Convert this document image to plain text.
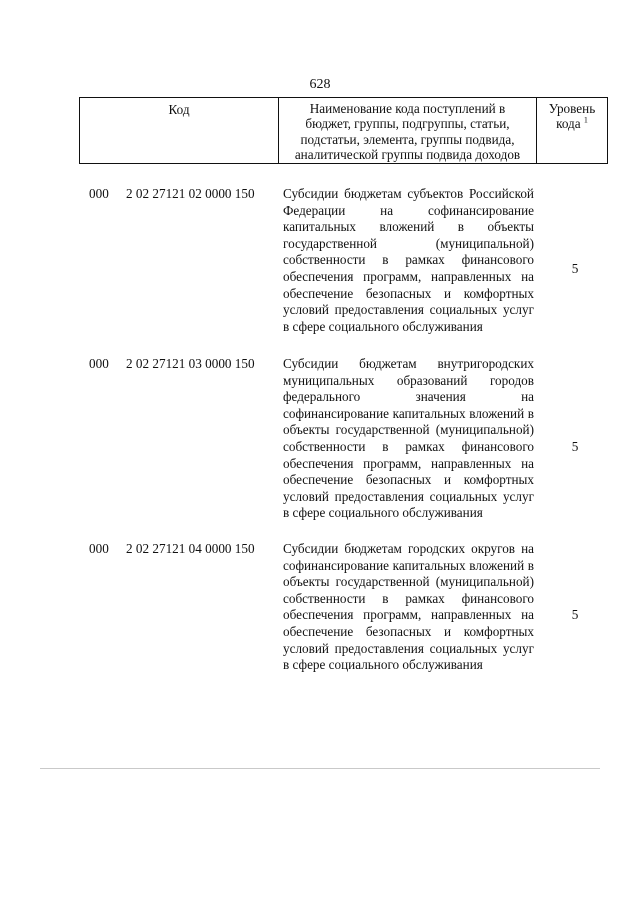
628
Код	Наименование кода поступлений в
бюджет, группы, подгруппы, статьи,
подстатьи, элемента, группы подвида,
аналитической группы подвида доходов
Уровень
кода $^1$
000 2 02 27121 02 0000 150 Субсидии бюджетам субъектов Российской Федерации на софинансирование капитальных вложений в объекты государственной (муниципальной) собственности в рамках финансового обеспечения программ, направленных на обеспечение безопасных и комфортных условий предоставления социальных услуг в сфере социального обслуживания
5
000 2 02 27121 03 0000 150 Субсидии бюджетам внутригородских муниципальных образований городов федерального значения на софинансирование капитальных вложений в объекты государственной (муниципальной) собственности в рамках финансового обеспечения программ, направленных на обеспечение безопасных и комфортных условий предоставления социальных услуг в сфере социального обслуживания
5
000 2 02 27121 04 0000 150 Субсидии бюджетам городских округов на софинансирование капитальных вложений в объекты государственной (муниципальной) собственности в рамках финансового обеспечения программ, направленных на обеспечение безопасных и комфортных условий предоставления социальных услуг в сфере социального обслуживания
5
